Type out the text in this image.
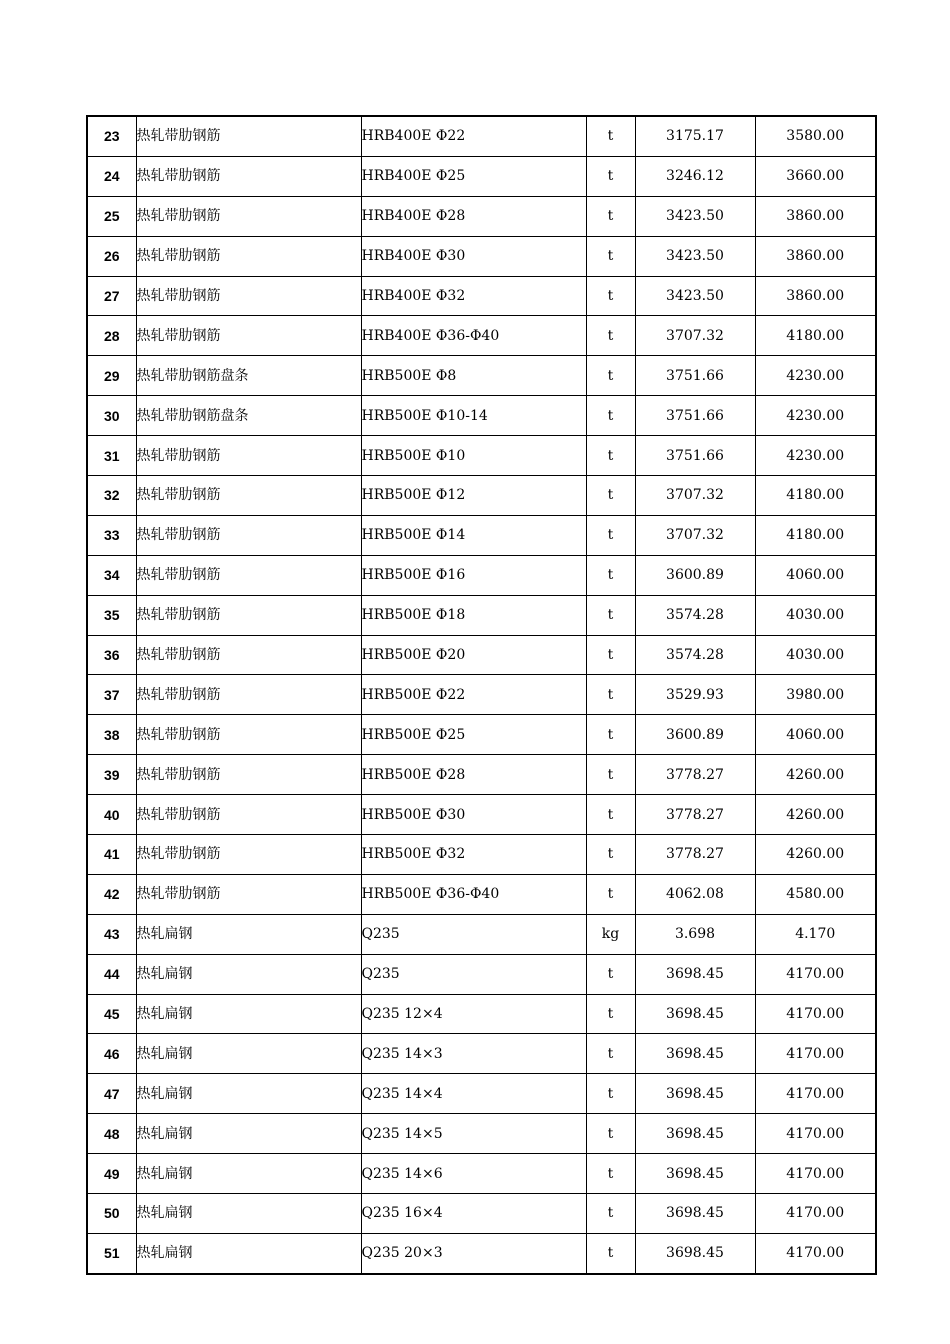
23	热轧带肋钢筋	HRB400E Φ22	t	3175.17	3580.00
24	热轧带肋钢筋	HRB400E Φ25	t	3246.12	3660.00
25	热轧带肋钢筋	HRB400E Φ28	t	3423.50	3860.00
26	热轧带肋钢筋	HRB400E Φ30	t	3423.50	3860.00
27	热轧带肋钢筋	HRB400E Φ32	t	3423.50	3860.00
28	热轧带肋钢筋	HRB400E Φ36-Φ40	t	3707.32	4180.00
29	热轧带肋钢筋盘条	HRB500E Φ8	t	3751.66	4230.00
30	热轧带肋钢筋盘条	HRB500E Φ10-14	t	3751.66	4230.00
31	热轧带肋钢筋	HRB500E Φ10	t	3751.66	4230.00
32	热轧带肋钢筋	HRB500E Φ12	t	3707.32	4180.00
33	热轧带肋钢筋	HRB500E Φ14	t	3707.32	4180.00
34	热轧带肋钢筋	HRB500E Φ16	t	3600.89	4060.00
35	热轧带肋钢筋	HRB500E Φ18	t	3574.28	4030.00
36	热轧带肋钢筋	HRB500E Φ20	t	3574.28	4030.00
37	热轧带肋钢筋	HRB500E Φ22	t	3529.93	3980.00
38	热轧带肋钢筋	HRB500E Φ25	t	3600.89	4060.00
39	热轧带肋钢筋	HRB500E Φ28	t	3778.27	4260.00
40	热轧带肋钢筋	HRB500E Φ30	t	3778.27	4260.00
41	热轧带肋钢筋	HRB500E Φ32	t	3778.27	4260.00
42	热轧带肋钢筋	HRB500E Φ36-Φ40	t	4062.08	4580.00
43	热轧扁钢	Q235	kg	3.698	4.170
44	热轧扁钢	Q235	t	3698.45	4170.00
45	热轧扁钢	Q235 12×4	t	3698.45	4170.00
46	热轧扁钢	Q235 14×3	t	3698.45	4170.00
47	热轧扁钢	Q235 14×4	t	3698.45	4170.00
48	热轧扁钢	Q235 14×5	t	3698.45	4170.00
49	热轧扁钢	Q235 14×6	t	3698.45	4170.00
50	热轧扁钢	Q235 16×4	t	3698.45	4170.00
51	热轧扁钢	Q235 20×3	t	3698.45	4170.00
